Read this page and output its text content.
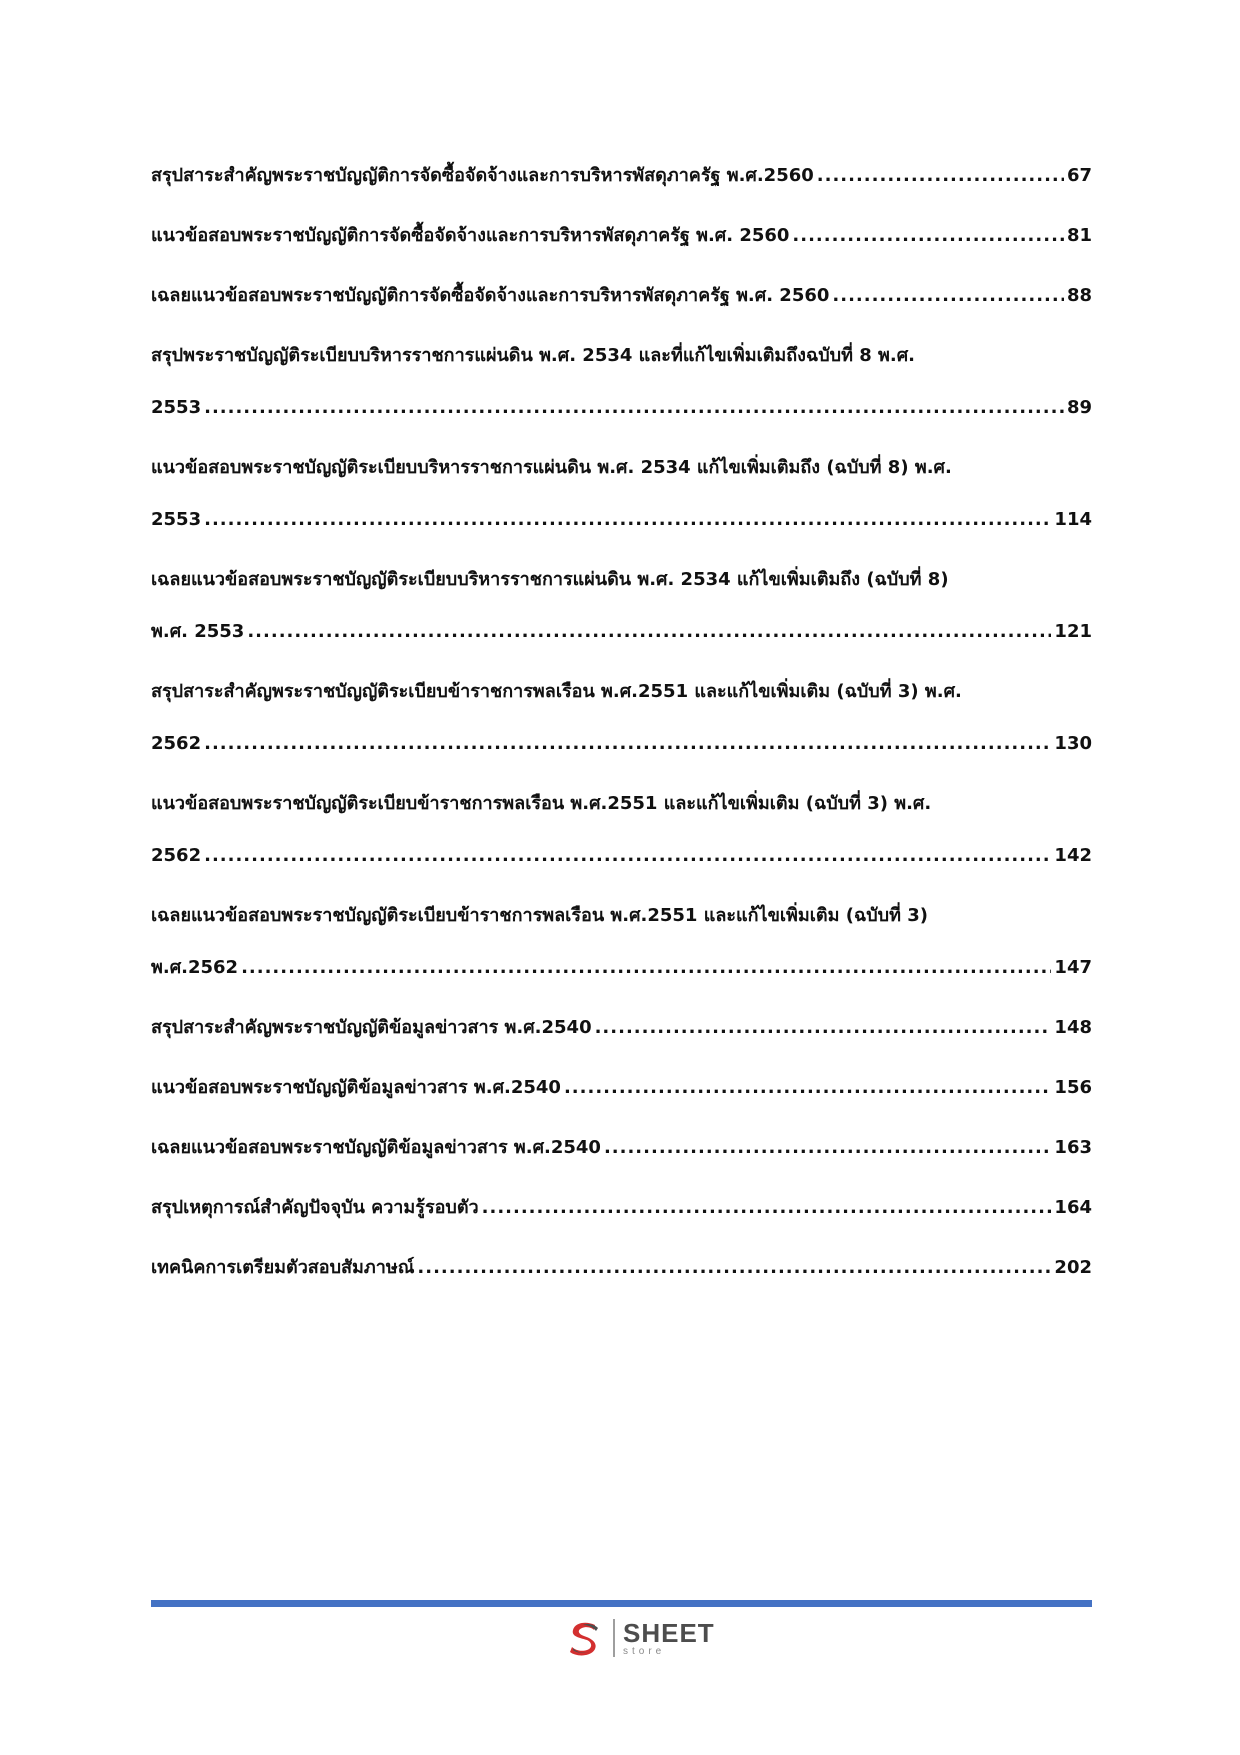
สรุปสาระสำคัญพระราชบัญญัติการจัดซื้อจัดจ้างและการบริหารพัสดุภาครัฐ พ.ศ.2560 .....	67
แนวข้อสอบพระราชบัญญัติการจัดซื้อจัดจ้างและการบริหารพัสดุภาครัฐ พ.ศ. 2560 .....	81
เฉลยแนวข้อสอบพระราชบัญญัติการจัดซื้อจัดจ้างและการบริหารพัสดุภาครัฐ พ.ศ. 2560 .....	88
สรุปพระราชบัญญัติระเบียบบริหารราชการแผ่นดิน พ.ศ. 2534 และที่แก้ไขเพิ่มเติมถึงฉบับที่ 8 พ.ศ.
2553 .....	89
แนวข้อสอบพระราชบัญญัติระเบียบบริหารราชการแผ่นดิน พ.ศ. 2534 แก้ไขเพิ่มเติมถึง (ฉบับที่ 8) พ.ศ.
2553 .....	114
เฉลยแนวข้อสอบพระราชบัญญัติระเบียบบริหารราชการแผ่นดิน พ.ศ. 2534 แก้ไขเพิ่มเติมถึง (ฉบับที่ 8)
พ.ศ. 2553 .....	121
สรุปสาระสำคัญพระราชบัญญัติระเบียบข้าราชการพลเรือน พ.ศ.2551 และแก้ไขเพิ่มเติม (ฉบับที่ 3) พ.ศ.
2562 .....	130
แนวข้อสอบพระราชบัญญัติระเบียบข้าราชการพลเรือน พ.ศ.2551 และแก้ไขเพิ่มเติม (ฉบับที่ 3) พ.ศ.
2562 .....	142
เฉลยแนวข้อสอบพระราชบัญญัติระเบียบข้าราชการพลเรือน พ.ศ.2551 และแก้ไขเพิ่มเติม (ฉบับที่ 3)
พ.ศ.2562 .....	147
สรุปสาระสำคัญพระราชบัญญัติข้อมูลข่าวสาร พ.ศ.2540 .....	148
แนวข้อสอบพระราชบัญญัติข้อมูลข่าวสาร พ.ศ.2540 .....	156
เฉลยแนวข้อสอบพระราชบัญญัติข้อมูลข่าวสาร พ.ศ.2540 .....	163
สรุปเหตุการณ์สำคัญปัจจุบัน ความรู้รอบตัว .....	164
เทคนิคการเตรียมตัวสอบสัมภาษณ์ .....	202
SHEET
store
